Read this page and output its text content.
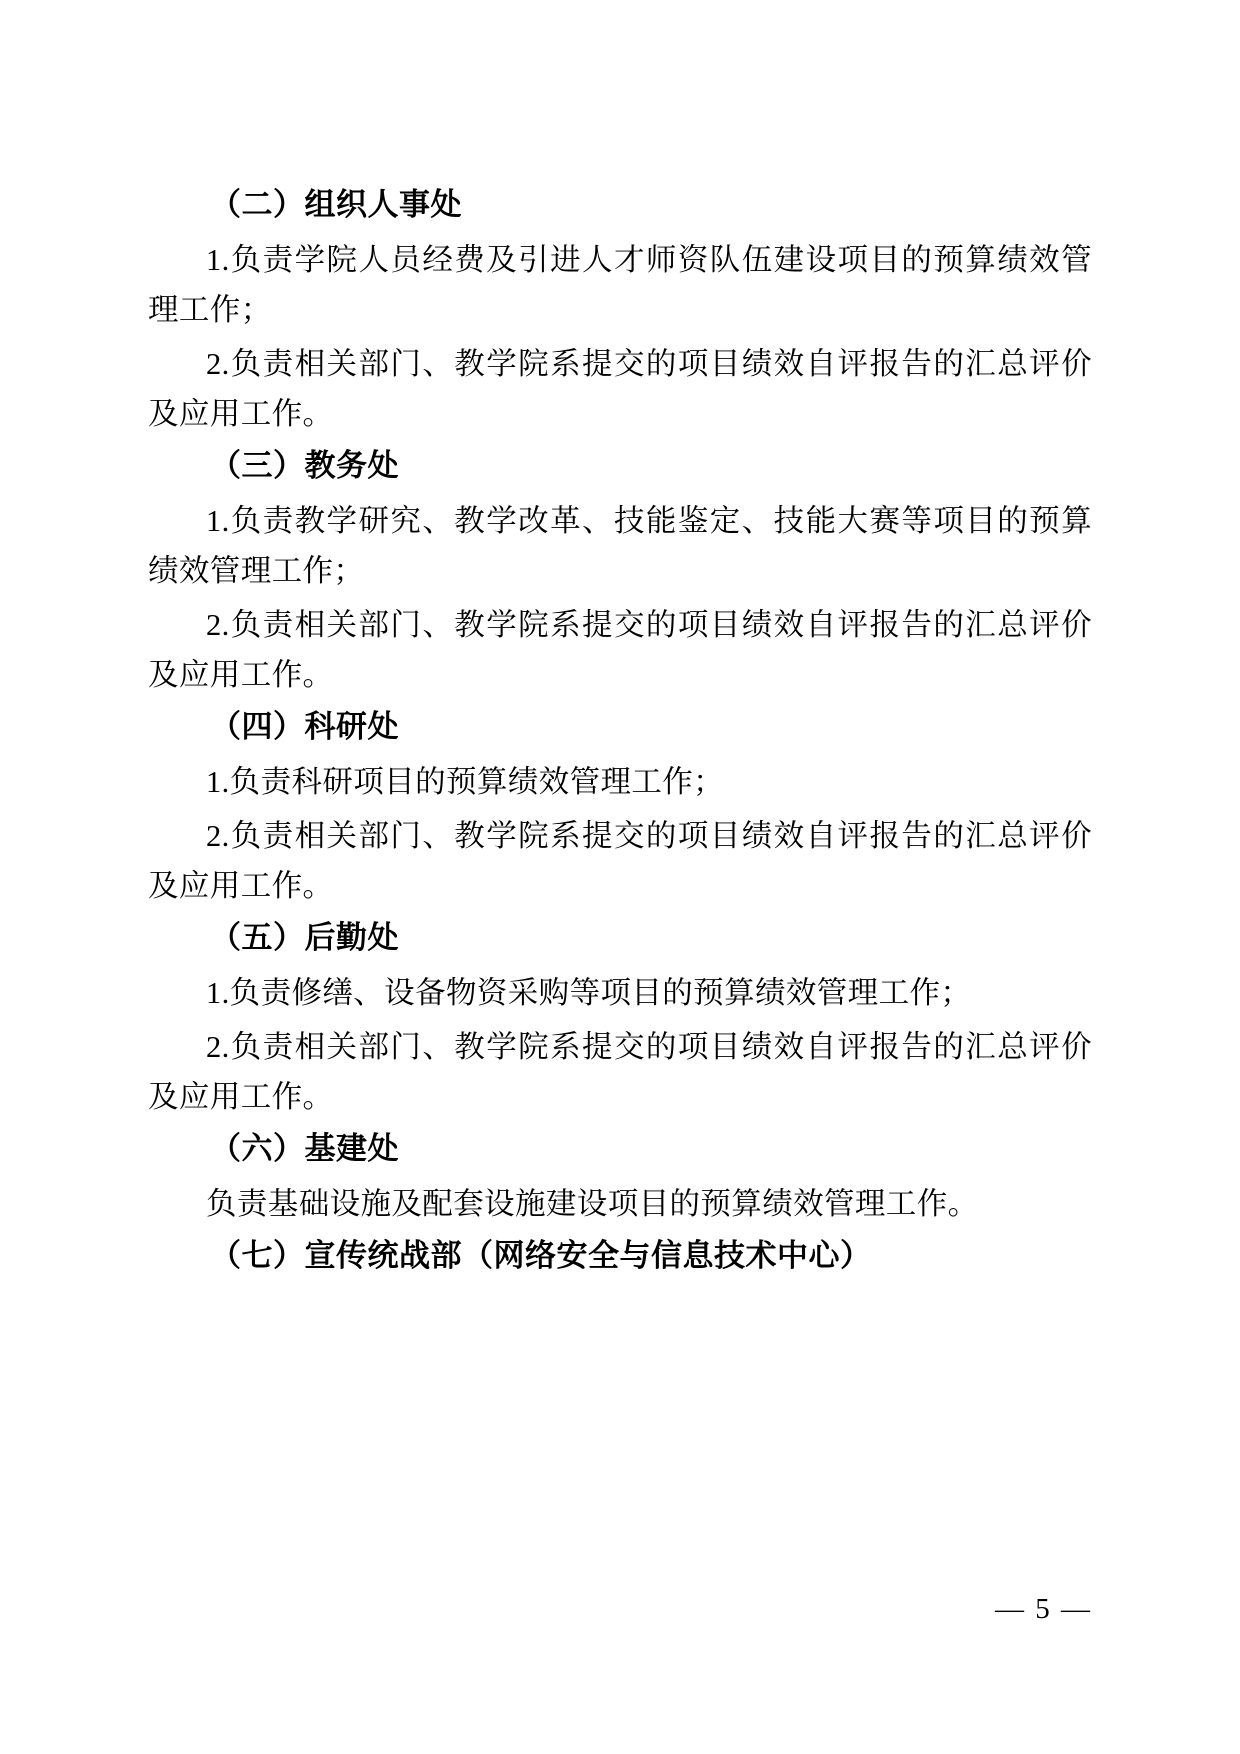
（二）组织人事处
1.负责学院人员经费及引进人才师资队伍建设项目的预算绩效管理工作；
2.负责相关部门、教学院系提交的项目绩效自评报告的汇总评价及应用工作。
（三）教务处
1.负责教学研究、教学改革、技能鉴定、技能大赛等项目的预算绩效管理工作；
2.负责相关部门、教学院系提交的项目绩效自评报告的汇总评价及应用工作。
（四）科研处
1.负责科研项目的预算绩效管理工作；
2.负责相关部门、教学院系提交的项目绩效自评报告的汇总评价及应用工作。
（五）后勤处
1.负责修缮、设备物资采购等项目的预算绩效管理工作；
2.负责相关部门、教学院系提交的项目绩效自评报告的汇总评价及应用工作。
（六）基建处
负责基础设施及配套设施建设项目的预算绩效管理工作。
（七）宣传统战部（网络安全与信息技术中心）
— 5 —
